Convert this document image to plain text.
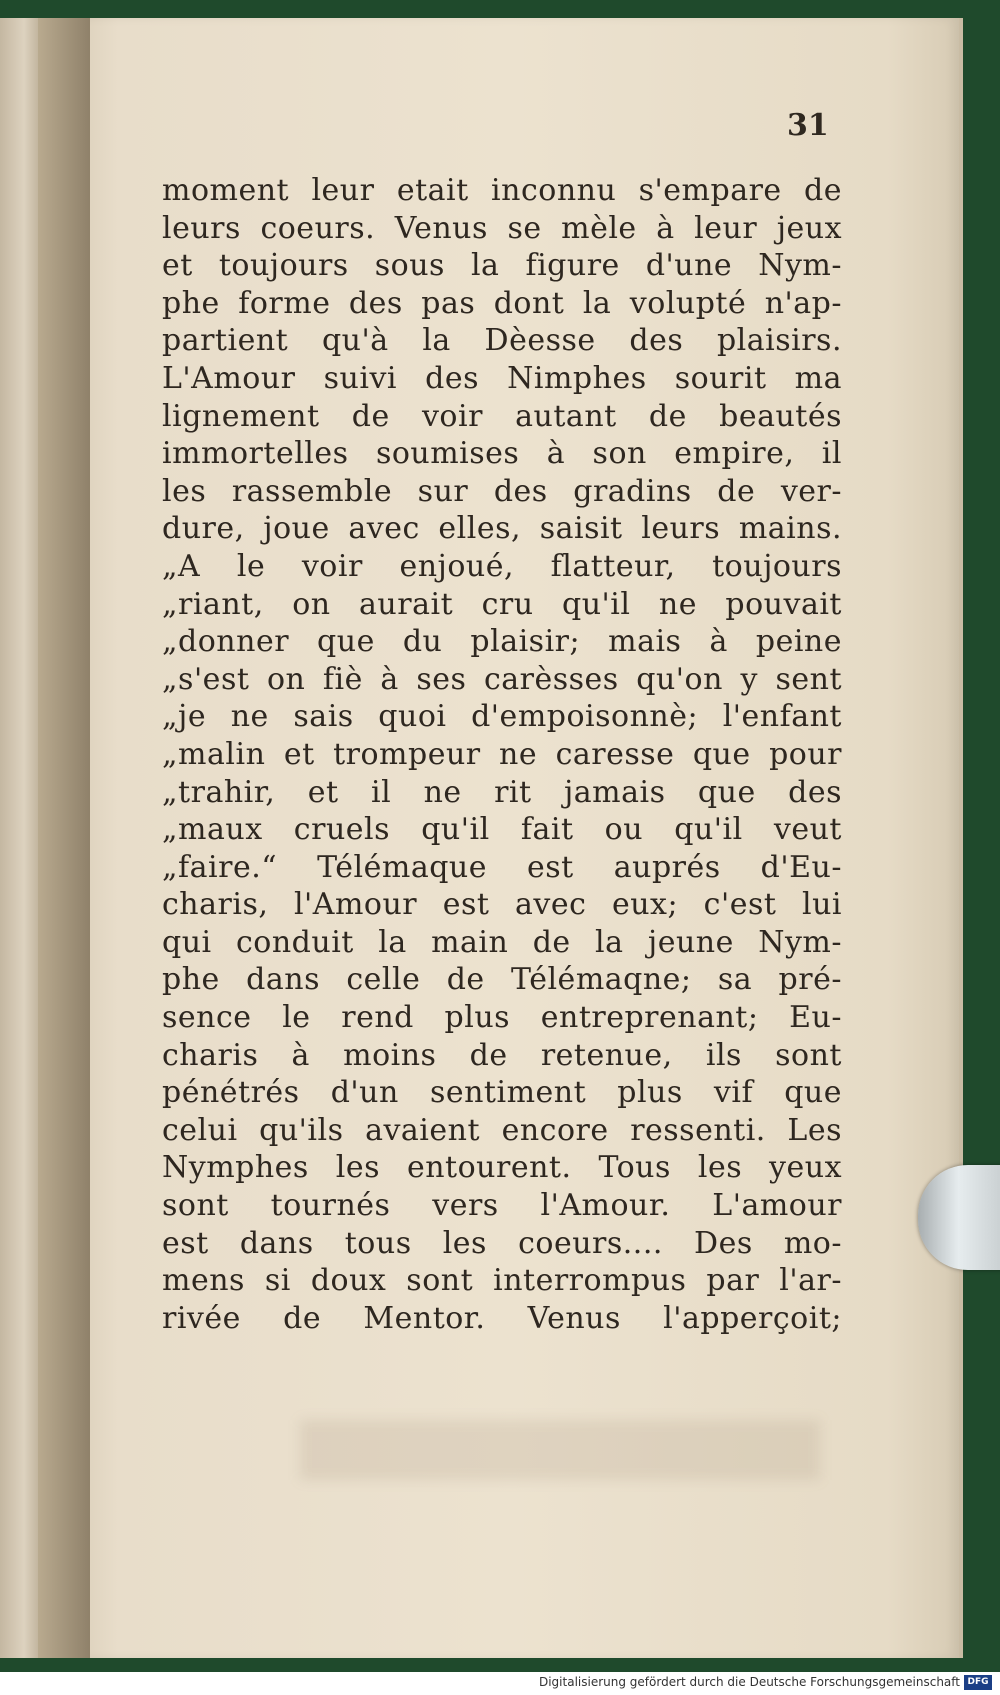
31
moment leur etait inconnu s'empare de
leurs coeurs. Venus se mèle à leur jeux
et toujours sous la figure d'une Nym-
phe forme des pas dont la volupté n'ap-
partient qu'à la Dèesse des plaisirs.
L'Amour suivi des Nimphes sourit ma
lignement de voir autant de beautés
immortelles soumises à son empire, il
les rassemble sur des gradins de ver-
dure, joue avec elles, saisit leurs mains.
„A le voir enjoué, flatteur, toujours
„riant, on aurait cru qu'il ne pouvait
„donner que du plaisir; mais à peine
„s'est on fiè à ses carèsses qu'on y sent
„je ne sais quoi d'empoisonnè; l'enfant
„malin et trompeur ne caresse que pour
„trahir, et il ne rit jamais que des
„maux cruels qu'il fait ou qu'il veut
„faire.“ Télémaque est auprés d'Eu-
charis, l'Amour est avec eux; c'est lui
qui conduit la main de la jeune Nym-
phe dans celle de Télémaqne; sa pré-
sence le rend plus entreprenant; Eu-
charis à moins de retenue, ils sont
pénétrés d'un sentiment plus vif que
celui qu'ils avaient encore ressenti. Les
Nymphes les entourent. Tous les yeux
sont tournés vers l'Amour. L'amour
est dans tous les coeurs.... Des mo-
mens si doux sont interrompus par l'ar-
rivée de Mentor. Venus l'apperçoit;
Digitalisierung gefördert durch die Deutsche Forschungsgemeinschaft DFG
